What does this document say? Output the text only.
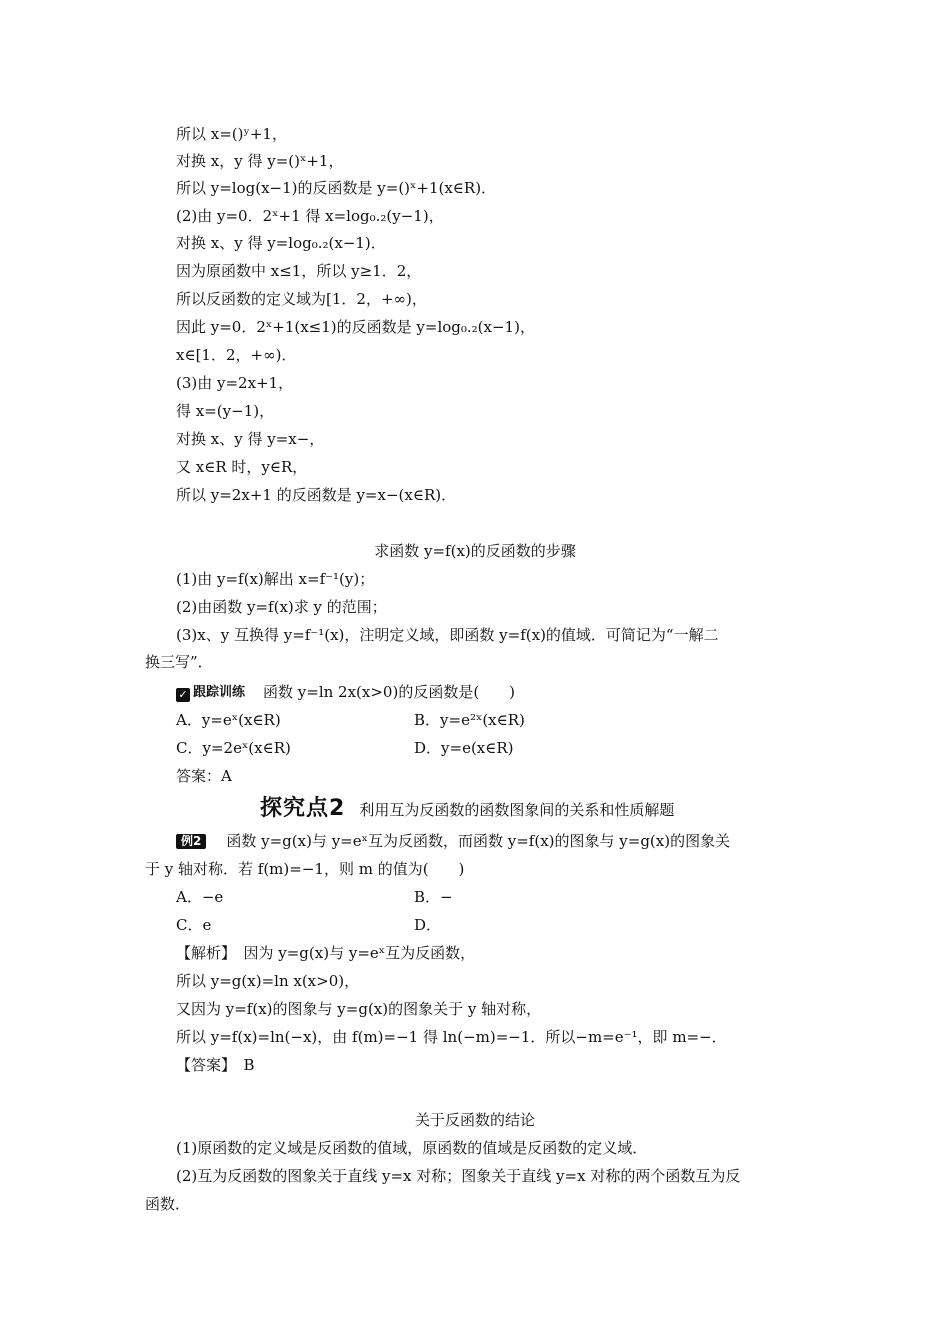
所以 x=()ʸ+1，
对换 x，y 得 y=()ˣ+1，
所以 y=log(x−1)的反函数是 y=()ˣ+1(x∈R)．
(2)由 y=0．2ˣ+1 得 x=log₀.₂(y−1)，
对换 x、y 得 y=log₀.₂(x−1)．
因为原函数中 x≤1，所以 y≥1．2，
所以反函数的定义域为[1．2，+∞)，
因此 y=0．2ˣ+1(x≤1)的反函数是 y=log₀.₂(x−1)，
x∈[1．2，+∞)．
(3)由 y=2x+1，
得 x=(y−1)，
对换 x、y 得 y=x−，
又 x∈R 时，y∈R，
所以 y=2x+1 的反函数是 y=x−(x∈R)．
求函数 y=f(x)的反函数的步骤
(1)由 y=f(x)解出 x=f⁻¹(y)；
(2)由函数 y=f(x)求 y 的范围；
(3)x、y 互换得 y=f⁻¹(x)，注明定义域，即函数 y=f(x)的值域．可简记为“一解二
换三写”．
✓ 跟踪训练 函数 y=ln 2x(x>0)的反函数是(　　)
A．y=eˣ(x∈R)	B．y=e²ˣ(x∈R)
C．y=2eˣ(x∈R)	D．y=e(x∈R)
答案：A
探究点2 利用互为反函数的函数图象间的关系和性质解题
例2 函数 y=g(x)与 y=eˣ互为反函数，而函数 y=f(x)的图象与 y=g(x)的图象关
于 y 轴对称．若 f(m)=−1，则 m 的值为(　　)
A．−e	B．−
C．e	D．
【解析】　因为 y=g(x)与 y=eˣ互为反函数，
所以 y=g(x)=ln x(x>0)，
又因为 y=f(x)的图象与 y=g(x)的图象关于 y 轴对称，
所以 y=f(x)=ln(−x)，由 f(m)=−1 得 ln(−m)=−1．所以−m=e⁻¹，即 m=−．
【答案】　B
关于反函数的结论
(1)原函数的定义域是反函数的值域，原函数的值域是反函数的定义域．
(2)互为反函数的图象关于直线 y=x 对称；图象关于直线 y=x 对称的两个函数互为反
函数．
